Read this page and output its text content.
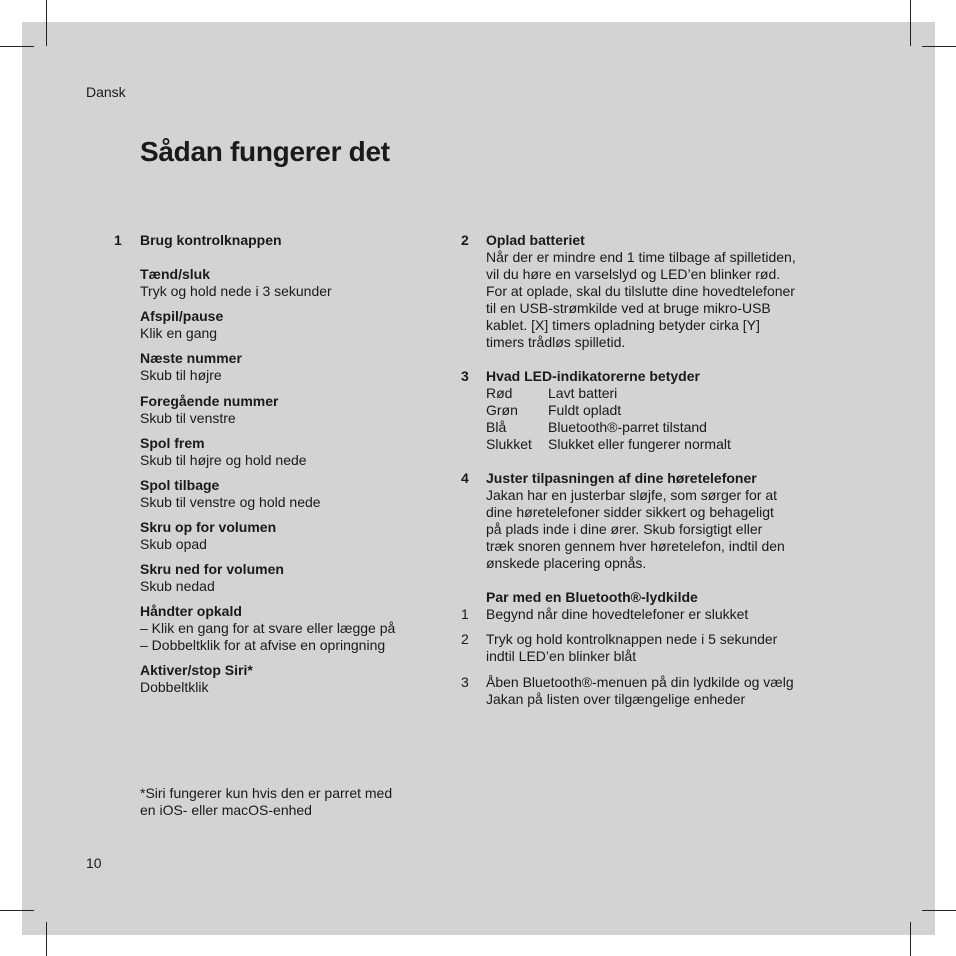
Dansk
Sådan fungerer det
1 Brug kontrolknappen
Tænd/sluk
Tryk og hold nede i 3 sekunder
Afspil/pause
Klik en gang
Næste nummer
Skub til højre
Foregående nummer
Skub til venstre
Spol frem
Skub til højre og hold nede
Spol tilbage
Skub til venstre og hold nede
Skru op for volumen
Skub opad
Skru ned for volumen
Skub nedad
Håndter opkald
– Klik en gang for at svare eller lægge på
– Dobbeltklik for at afvise en opringning
Aktiver/stop Siri*
Dobbeltklik
*Siri fungerer kun hvis den er parret med
en iOS- eller macOS-enhed
2 Oplad batteriet
Når der er mindre end 1 time tilbage af spilletiden,
vil du høre en varselslyd og LED’en blinker rød.
For at oplade, skal du tilslutte dine hovedtelefoner
til en USB-strømkilde ved at bruge mikro-USB
kablet. [X] timers opladning betyder cirka [Y]
timers trådløs spilletid.
3 Hvad LED-indikatorerne betyder
Rød	Lavt batteri
Grøn Fuldt opladt
Blå	Bluetooth®-parret tilstand
Slukket Slukket eller fungerer normalt
4 Juster tilpasningen af dine høretelefoner
Jakan har en justerbar sløjfe, som sørger for at
dine høretelefoner sidder sikkert og behageligt
på plads inde i dine ører. Skub forsigtigt eller
træk snoren gennem hver høretelefon, indtil den
ønskede placering opnås.
Par med en Bluetooth®-lydkilde
1 Begynd når dine hovedtelefoner er slukket
2 Tryk og hold kontrolknappen nede i 5 sekunder
indtil LED’en blinker blåt
3 Åben Bluetooth®-menuen på din lydkilde og vælg
Jakan på listen over tilgængelige enheder
10
